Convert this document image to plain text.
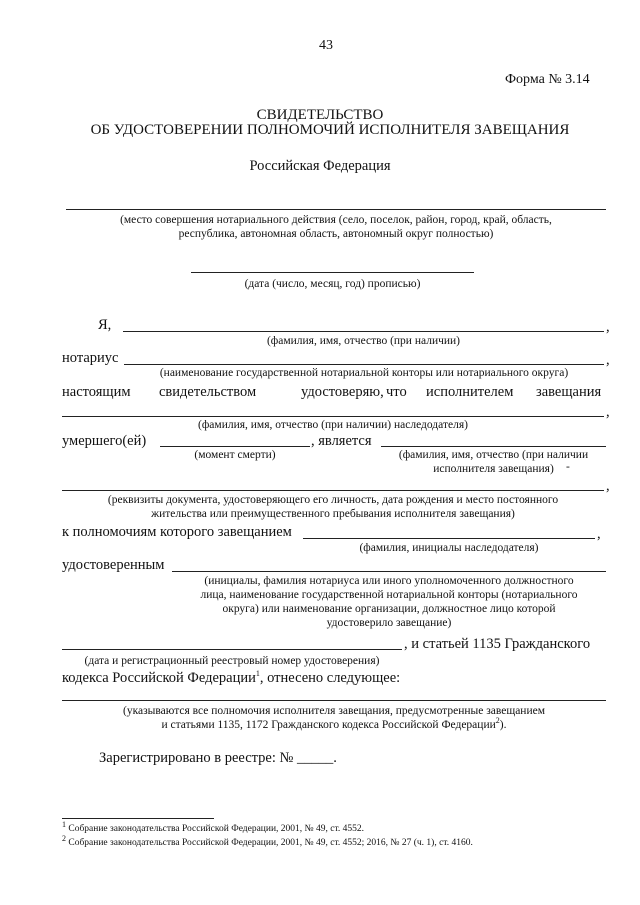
43
Форма № 3.14
СВИДЕТЕЛЬСТВО
ОБ УДОСТОВЕРЕНИИ ПОЛНОМОЧИЙ ИСПОЛНИТЕЛЯ ЗАВЕЩАНИЯ
Российская Федерация
(место совершения нотариального действия (село, поселок, район, город, край, область,
республика, автономная область, автономный округ полностью)
(дата (число, месяц, год) прописью)
Я,	,
(фамилия, имя, отчество (при наличии)
нотариус	,
(наименование государственной нотариальной конторы или нотариального округа)
настоящим свидетельством	удостоверяю, что исполнителем завещания
,
(фамилия, имя, отчество (при наличии) наследодателя)
умершего(ей)	, является
(момент смерти)	(фамилия, имя, отчество (при наличии
исполнителя завещания)	-
,
(реквизиты документа, удостоверяющего его личность, дата рождения и место постоянного
жительства или преимущественного пребывания исполнителя завещания)
к полномочиям которого завещанием	,
(фамилия, инициалы наследодателя)
удостоверенным
(инициалы, фамилия нотариуса или иного уполномоченного должностного
лица, наименование государственной нотариальной конторы (нотариального
округа) или наименование организации, должностное лицо которой
удостоверило завещание)
, и статьей 1135 Гражданского
(дата и регистрационный реестровый номер удостоверения)
кодекса Российской Федерации$^1$, отнесено следующее:
(указываются все полномочия исполнителя завещания, предусмотренные завещанием
и статьями 1135, 1172 Гражданского кодекса Российской Федерации$^2$).
Зарегистрировано в реестре: № _____.
$^1$ Собрание законодательства Российской Федерации, 2001, № 49, ст. 4552.
$^2$ Собрание законодательства Российской Федерации, 2001, № 49, ст. 4552; 2016, № 27 (ч. 1), ст. 4160.
